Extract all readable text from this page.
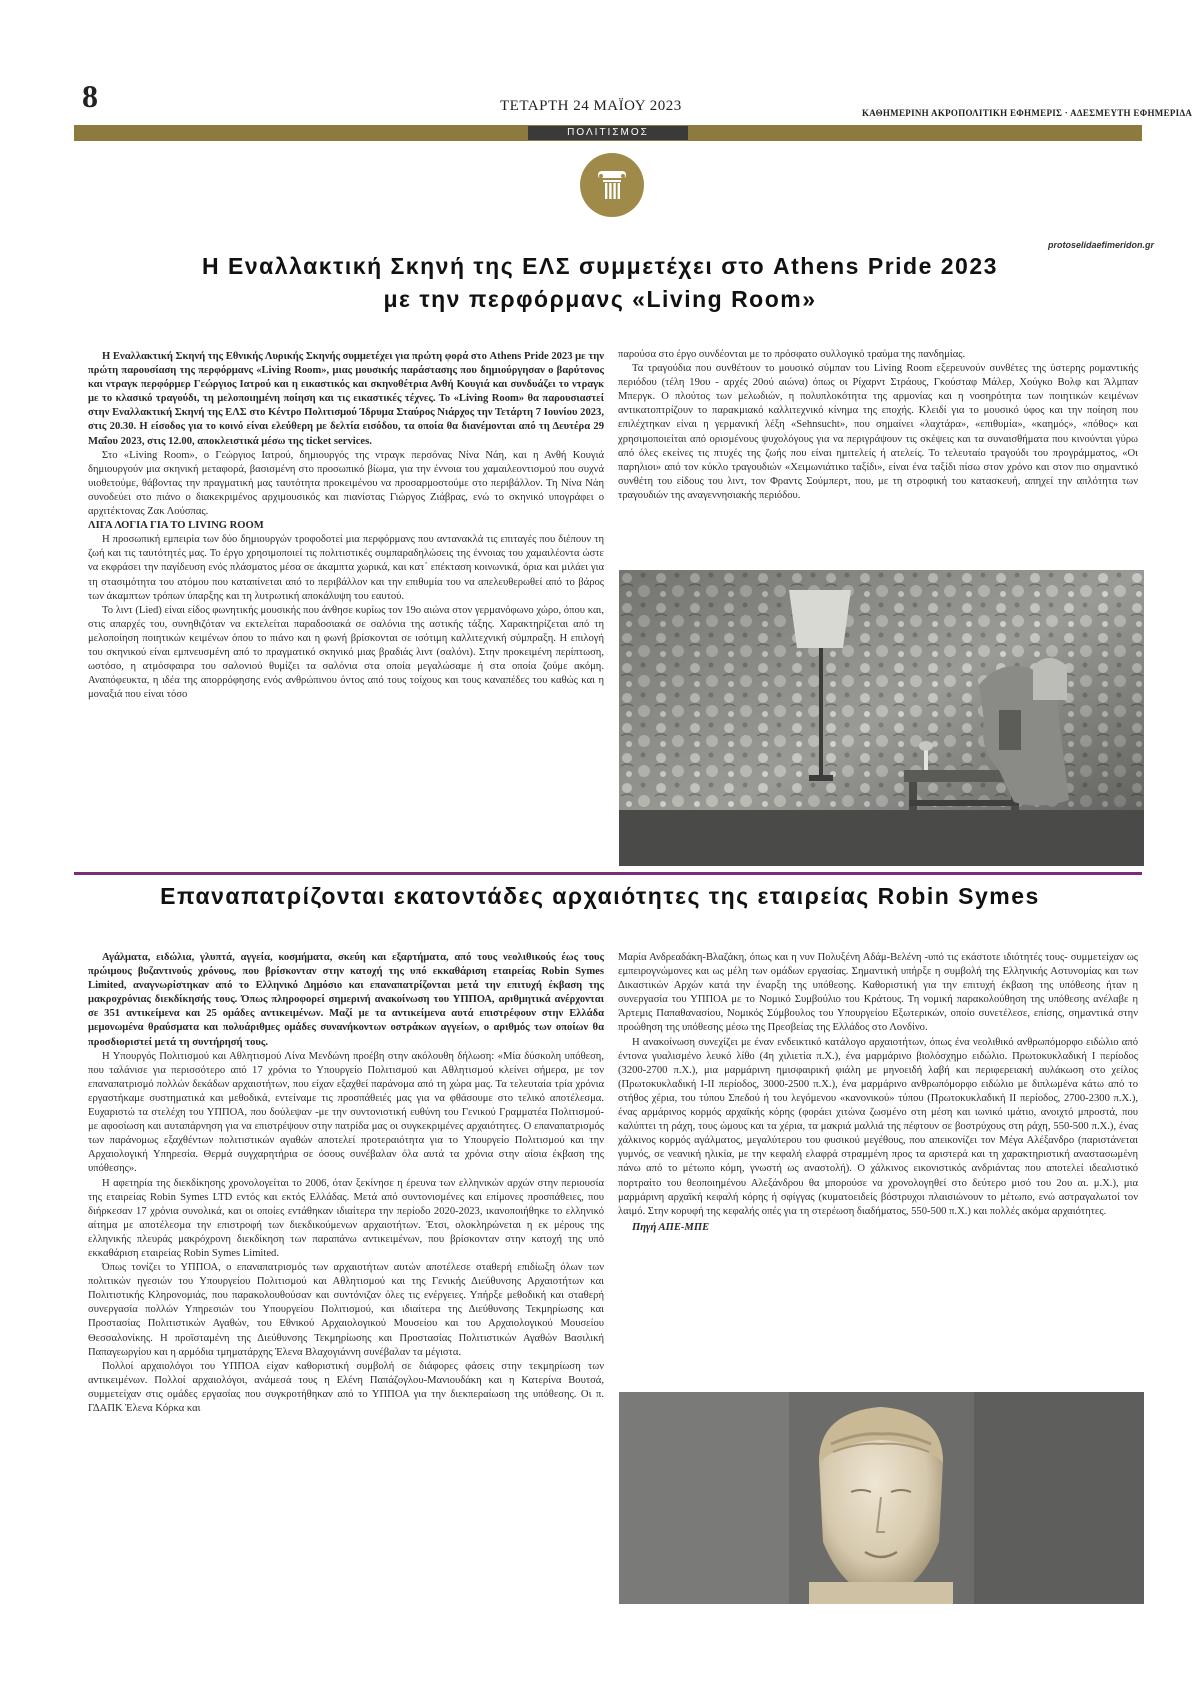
8	ΤΕΤΑΡΤΗ 24 ΜΑΪΟΥ 2023	ΚΑΘΗΜΕΡΙΝΗ ΑΚΡΟΠΟΛΙΤΙΚΗ ΕΦΗΜΕΡΙΣ · ΑΔΕΣΜΕΥΤΗ ΕΦΗΜΕΡΙΔΑ
ΠΟΛΙΤΙΣΜΟΣ
protoselidaefimeridon.gr
Η Εναλλακτική Σκηνή της ΕΛΣ συμμετέχει στο Athens Pride 2023
με την περφόρμανς «Living Room»

Η Εναλλακτική Σκηνή της Εθνικής Λυρικής Σκηνής συμμετέχει για πρώτη φορά στο Athens Pride 2023 με την πρώτη παρουσίαση της περφόρμανς «Living Room», μιας μουσικής παράστασης που δημιούργησαν ο βαρύτονος και ντραγκ περφόρμερ Γεώργιος Ιατρού και η εικαστικός και σκηνοθέτρια Ανθή Κουγιά και συνδυάζει το ντραγκ με το κλασικό τραγούδι, τη μελοποιημένη ποίηση και τις εικαστικές τέχνες. Το «Living Room» θα παρουσιαστεί στην Εναλλακτική Σκηνή της ΕΛΣ στο Κέντρο Πολιτισμού Ίδρυμα Σταύρος Νιάρχος την Τετάρτη 7 Ιουνίου 2023, στις 20.30. Η είσοδος για το κοινό είναι ελεύθερη με δελτία εισόδου, τα οποία θα διανέμονται από τη Δευτέρα 29 Μαΐου 2023, στις 12.00, αποκλειστικά μέσω της ticket services.

Στο «Living Room», ο Γεώργιος Ιατρού, δημιουργός της ντραγκ περσόνας Νίνα Νάη, και η Ανθή Κουγιά δημιουργούν μια σκηνική μεταφορά, βασισμένη στο προσωπικό βίωμα, για την έννοια του χαμαιλεοντισμού που συχνά υιοθετούμε, θάβοντας την πραγματική μας ταυτότητα προκειμένου να προσαρμοστούμε στο περιβάλλον. Τη Νίνα Νάη συνοδεύει στο πιάνο ο διακεκριμένος αρχιμουσικός και πιανίστας Γιώργος Ζιάβρας, ενώ το σκηνικό υπογράφει ο αρχιτέκτονας Ζακ Λούσπας.

ΛΙΓΑ ΛΟΓΙΑ ΓΙΑ ΤΟ LIVING ROOM

Η προσωπική εμπειρία των δύο δημιουργών τροφοδοτεί μια περφόρμανς που αντανακλά τις επιταγές που διέπουν τη ζωή και τις ταυτότητές μας. Το έργο χρησιμοποιεί τις πολιτιστικές συμπαραδηλώσεις της έννοιας του χαμαιλέοντα ώστε να εκφράσει την παγίδευση ενός πλάσματος μέσα σε άκαμπτα χωρικά, και κατ΄ επέκταση κοινωνικά, όρια και μιλάει για τη στασιμότητα του ατόμου που καταπίνεται από το περιβάλλον και την επιθυμία του να απελευθερωθεί από το βάρος των άκαμπτων τρόπων ύπαρξης και τη λυτρωτική αποκάλυψη του εαυτού.

Το λιντ (Lied) είναι είδος φωνητικής μουσικής που άνθησε κυρίως τον 19ο αιώνα στον γερμανόφωνο χώρο, όπου και, στις απαρχές του, συνηθιζόταν να εκτελείται παραδοσιακά σε σαλόνια της αστικής τάξης. Χαρακτηρίζεται από τη μελοποίηση ποιητικών κειμένων όπου το πιάνο και η φωνή βρίσκονται σε ισότιμη καλλιτεχνική σύμπραξη. Η επιλογή του σκηνικού είναι εμπνευσμένη από το πραγματικό σκηνικό μιας βραδιάς λιντ (σαλόνι). Στην προκειμένη περίπτωση, ωστόσο, η ατμόσφαιρα του σαλονιού θυμίζει τα σαλόνια στα οποία μεγαλώσαμε ή στα οποία ζούμε ακόμη. Αναπόφευκτα, η ιδέα της απορρόφησης ενός ανθρώπινου όντος από τους τοίχους και τους καναπέδες του καθώς και η μοναξιά που είναι τόσο

παρούσα στο έργο συνδέονται με το πρόσφατο συλλογικό τραύμα της πανδημίας.

Τα τραγούδια που συνθέτουν το μουσικό σύμπαν του Living Room εξερευνούν συνθέτες της ύστερης ρομαντικής περιόδου (τέλη 19ου - αρχές 20ού αιώνα) όπως οι Ρίχαρντ Στράους, Γκούσταφ Μάλερ, Χούγκο Βολφ και Άλμπαν Μπεργκ. Ο πλούτος των μελωδιών, η πολυπλοκότητα της αρμονίας και η νοσηρότητα των ποιητικών κειμένων αντικατοπτρίζουν το παρακμιακό καλλιτεχνικό κίνημα της εποχής. Κλειδί για το μουσικό ύφος και την ποίηση που επιλέχτηκαν είναι η γερμανική λέξη «Sehnsucht», που σημαίνει «λαχτάρα», «επιθυμία», «καημός», «πόθος» και χρησιμοποιείται από ορισμένους ψυχολόγους για να περιγράψουν τις σκέψεις και τα συναισθήματα που κινούνται γύρω από όλες εκείνες τις πτυχές της ζωής που είναι ημιτελείς ή ατελείς. Το τελευταίο τραγούδι του προγράμματος, «Οι παρηλιοι» από τον κύκλο τραγουδιών «Χειμωνιάτικο ταξίδι», είναι ένα ταξίδι πίσω στον χρόνο και στον πιο σημαντικό συνθέτη του είδους του λιντ, τον Φραντς Σούμπερτ, που, με τη στροφική του κατασκευή, απηχεί την απλότητα των τραγουδιών της αναγεννησιακής περιόδου.

Επαναπατρίζονται εκατοντάδες αρχαιότητες της εταιρείας Robin Symes

Αγάλματα, ειδώλια, γλυπτά, αγγεία, κοσμήματα, σκεύη και εξαρτήματα, από τους νεολιθικούς έως τους πρώιμους βυζαντινούς χρόνους, που βρίσκονταν στην κατοχή της υπό εκκαθάριση εταιρείας Robin Symes Limited, αναγνωρίστηκαν από το Ελληνικό Δημόσιο και επαναπατρίζονται μετά την επιτυχή έκβαση της μακροχρόνιας διεκδίκησής τους. Όπως πληροφορεί σημερινή ανακοίνωση του ΥΠΠΟΑ, αριθμητικά ανέρχονται σε 351 αντικείμενα και 25 ομάδες αντικειμένων. Μαζί με τα αντικείμενα αυτά επιστρέφουν στην Ελλάδα μεμονωμένα θραύσματα και πολυάριθμες ομάδες συνανήκοντων οστράκων αγγείων, ο αριθμός των οποίων θα προσδιοριστεί μετά τη συντήρησή τους.

Η Υπουργός Πολιτισμού και Αθλητισμού Λίνα Μενδώνη προέβη στην ακόλουθη δήλωση: «Μία δύσκολη υπόθεση, που ταλάνισε για περισσότερο από 17 χρόνια το Υπουργείο Πολιτισμού και Αθλητισμού κλείνει σήμερα, με τον επαναπατρισμό πολλών δεκάδων αρχαιοτήτων, που είχαν εξαχθεί παράνομα από τη χώρα μας. Τα τελευταία τρία χρόνια εργαστήκαμε συστηματικά και μεθοδικά, εντείναμε τις προσπάθειές μας για να φθάσουμε στο τελικό αποτέλεσμα. Ευχαριστώ τα στελέχη του ΥΠΠΟΑ, που δούλεψαν -με την συντονιστική ευθύνη του Γενικού Γραμματέα Πολιτισμού- με αφοσίωση και αυταπάρνηση για να επιστρέψουν στην πατρίδα μας οι συγκεκριμένες αρχαιότητες. Ο επαναπατρισμός των παράνομως εξαχθέντων πολιτιστικών αγαθών αποτελεί προτεραιότητα για το Υπουργείο Πολιτισμού και την Αρχαιολογική Υπηρεσία. Θερμά συγχαρητήρια σε όσους συνέβαλαν όλα αυτά τα χρόνια στην αίσια έκβαση της υπόθεσης».

Η αφετηρία της διεκδίκησης χρονολογείται το 2006, όταν ξεκίνησε η έρευνα των ελληνικών αρχών στην περιουσία της εταιρείας Robin Symes LTD εντός και εκτός Ελλάδας. Μετά από συντονισμένες και επίμονες προσπάθειες, που διήρκεσαν 17 χρόνια συνολικά, και οι οποίες εντάθηκαν ιδιαίτερα την περίοδο 2020-2023, ικανοποιήθηκε το ελληνικό αίτημα με αποτέλεσμα την επιστροφή των διεκδικούμενων αρχαιοτήτων. Έτσι, ολοκληρώνεται η εκ μέρους της ελληνικής πλευράς μακρόχρονη διεκδίκηση των παραπάνω αντικειμένων, που βρίσκονταν στην κατοχή της υπό εκκαθάριση εταιρείας Robin Symes Limited.

Όπως τονίζει το ΥΠΠΟΑ, ο επαναπατρισμός των αρχαιοτήτων αυτών αποτέλεσε σταθερή επιδίωξη όλων των πολιτικών ηγεσιών του Υπουργείου Πολιτισμού και Αθλητισμού και της Γενικής Διεύθυνσης Αρχαιοτήτων και Πολιτιστικής Κληρονομιάς, που παρακολουθούσαν και συντόνιζαν όλες τις ενέργειες. Υπήρξε μεθοδική και σταθερή συνεργασία πολλών Υπηρεσιών του Υπουργείου Πολιτισμού, και ιδιαίτερα της Διεύθυνσης Τεκμηρίωσης και Προστασίας Πολιτιστικών Αγαθών, του Εθνικού Αρχαιολογικού Μουσείου και του Αρχαιολογικού Μουσείου Θεσσαλονίκης. Η προϊσταμένη της Διεύθυνσης Τεκμηρίωσης και Προστασίας Πολιτιστικών Αγαθών Βασιλική Παπαγεωργίου και η αρμόδια τμηματάρχης Έλενα Βλαχογιάννη συνέβαλαν τα μέγιστα.

Πολλοί αρχαιολόγοι του ΥΠΠΟΑ είχαν καθοριστική συμβολή σε διάφορες φάσεις στην τεκμηρίωση των αντικειμένων. Πολλοί αρχαιολόγοι, ανάμεσά τους η Ελένη Παπάζογλου-Μανιουδάκη και η Κατερίνα Βουτσά, συμμετείχαν στις ομάδες εργασίας που συγκροτήθηκαν από το ΥΠΠΟΑ για την διεκπεραίωση της υπόθεσης. Οι π. ΓΔΑΠΚ Έλενα Κόρκα και

Μαρία Ανδρεαδάκη-Βλαζάκη, όπως και η νυν Πολυξένη Αδάμ-Βελένη -υπό τις εκάστοτε ιδιότητές τους- συμμετείχαν ως εμπειρογνώμονες και ως μέλη των ομάδων εργασίας. Σημαντική υπήρξε η συμβολή της Ελληνικής Αστυνομίας και των Δικαστικών Αρχών κατά την έναρξη της υπόθεσης. Καθοριστική για την επιτυχή έκβαση της υπόθεσης ήταν η συνεργασία του ΥΠΠΟΑ με το Νομικό Συμβούλιο του Κράτους. Τη νομική παρακολούθηση της υπόθεσης ανέλαβε η Άρτεμις Παπαθανασίου, Νομικός Σύμβουλος του Υπουργείου Εξωτερικών, οποίο συνετέλεσε, επίσης, σημαντικά στην προώθηση της υπόθεσης μέσω της Πρεσβείας της Ελλάδος στο Λονδίνο.

Η ανακοίνωση συνεχίζει με έναν ενδεικτικό κατάλογο αρχαιοτήτων, όπως ένα νεολιθικό ανθρωπόμορφο ειδώλιο από έντονα γυαλισμένο λευκό λίθο (4η χιλιετία π.Χ.), ένα μαρμάρινο βιολόσχημο ειδώλιο. Πρωτοκυκλαδική Ι περίοδος (3200-2700 π.Χ.), μια μαρμάρινη ημισφαιρική φιάλη με μηνοειδή λαβή και περιφερειακή αυλάκωση στο χείλος (Πρωτοκυκλαδική Ι-ΙΙ περίοδος, 3000-2500 π.Χ.), ένα μαρμάρινο ανθρωπόμορφο ειδώλιο με διπλωμένα κάτω από το στήθος χέρια, του τύπου Σπεδού ή του λεγόμενου «κανονικού» τύπου (Πρωτοκυκλαδική ΙΙ περίοδος, 2700-2300 π.Χ.), ένας αρμάρινος κορμός αρχαϊκής κόρης (φοράει χιτώνα ζωσμένο στη μέση και ιωνικό ιμάτιο, ανοιχτό μπροστά, που καλύπτει τη ράχη, τους ώμους και τα χέρια, τα μακριά μαλλιά της πέφτουν σε βοστρύχους στη ράχη, 550-500 π.Χ.), ένας χάλκινος κορμός αγάλματος, μεγαλύτερου του φυσικού μεγέθους, που απεικονίζει τον Μέγα Αλέξανδρο (παριστάνεται γυμνός, σε νεανική ηλικία, με την κεφαλή ελαφρά στραμμένη προς τα αριστερά και τη χαρακτηριστική αναστασωμένη πάνω από το μέτωπο κόμη, γνωστή ως αναστολή). Ο χάλκινος εικονιστικός ανδριάντας που αποτελεί ιδεαλιστικό πορτραίτο του θεοποιημένου Αλεξάνδρου θα μπορούσε να χρονολογηθεί στο δεύτερο μισό του 2ου αι. μ.Χ.), μια μαρμάρινη αρχαϊκή κεφαλή κόρης ή σφίγγας (κυματοειδείς βόστρυχοι πλαισιώνουν το μέτωπο, ενώ αστραγαλωτοί τον λαιμό. Στην κορυφή της κεφαλής οπές για τη στερέωση διαδήματος, 550-500 π.Χ.) και πολλές ακόμα αρχαιότητες.

Πηγή ΑΠΕ-ΜΠΕ
